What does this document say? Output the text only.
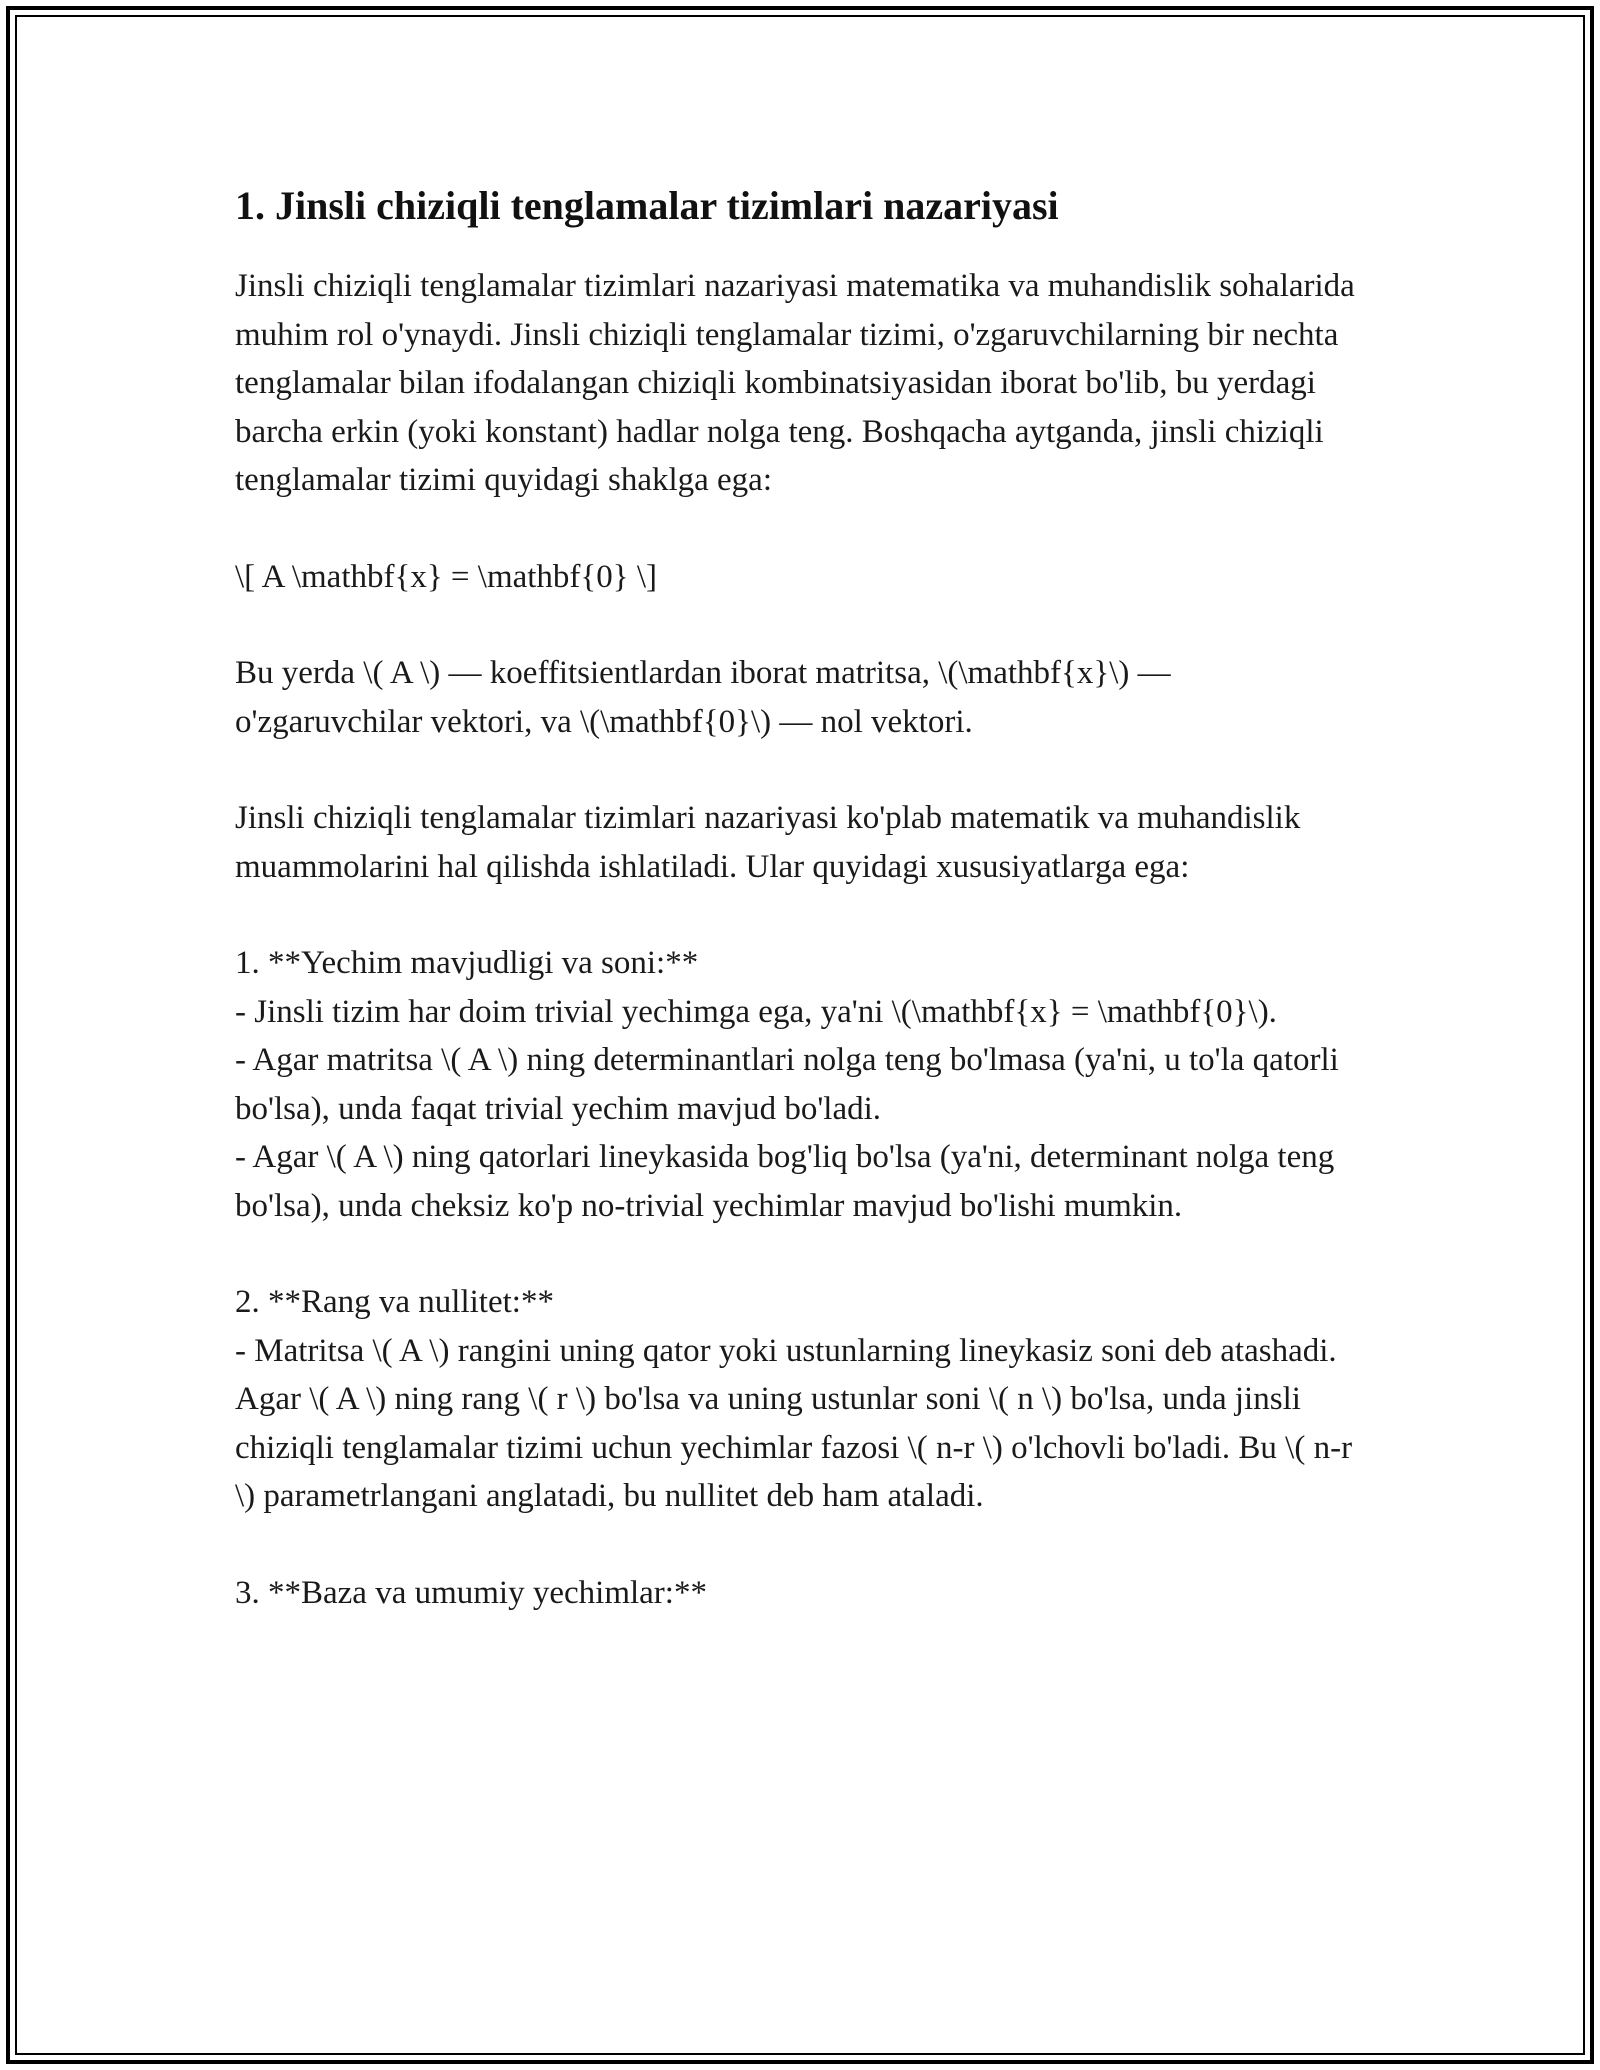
1. Jinsli chiziqli tenglamalar tizimlari nazariyasi

Jinsli chiziqli tenglamalar tizimlari nazariyasi matematika va muhandislik sohalarida muhim rol o'ynaydi. Jinsli chiziqli tenglamalar tizimi, o'zgaruvchilarning bir nechta tenglamalar bilan ifodalangan chiziqli kombinatsiyasidan iborat bo'lib, bu yerdagi barcha erkin (yoki konstant) hadlar nolga teng. Boshqacha aytganda, jinsli chiziqli tenglamalar tizimi quyidagi shaklga ega:

\[ A \mathbf{x} = \mathbf{0} \]

Bu yerda \( A \) — koeffitsientlardan iborat matritsa, \(\mathbf{x}\) — o'zgaruvchilar vektori, va \(\mathbf{0}\) — nol vektori.

Jinsli chiziqli tenglamalar tizimlari nazariyasi ko'plab matematik va muhandislik muammolarini hal qilishda ishlatiladi. Ular quyidagi xususiyatlarga ega:

1. **Yechim mavjudligi va soni:**
- Jinsli tizim har doim trivial yechimga ega, ya'ni \(\mathbf{x} = \mathbf{0}\).
- Agar matritsa \( A \) ning determinantlari nolga teng bo'lmasa (ya'ni, u to'la qatorli bo'lsa), unda faqat trivial yechim mavjud bo'ladi.
- Agar \( A \) ning qatorlari lineykasida bog'liq bo'lsa (ya'ni, determinant nolga teng bo'lsa), unda cheksiz ko'p no-trivial yechimlar mavjud bo'lishi mumkin.

2. **Rang va nullitet:**
- Matritsa \( A \) rangini uning qator yoki ustunlarning lineykasiz soni deb atashadi. Agar \( A \) ning rang \( r \) bo'lsa va uning ustunlar soni \( n \) bo'lsa, unda jinsli chiziqli tenglamalar tizimi uchun yechimlar fazosi \( n-r \) o'lchovli bo'ladi. Bu \( n-r \) parametrlangani anglatadi, bu nullitet deb ham ataladi.

3. **Baza va umumiy yechimlar:**
